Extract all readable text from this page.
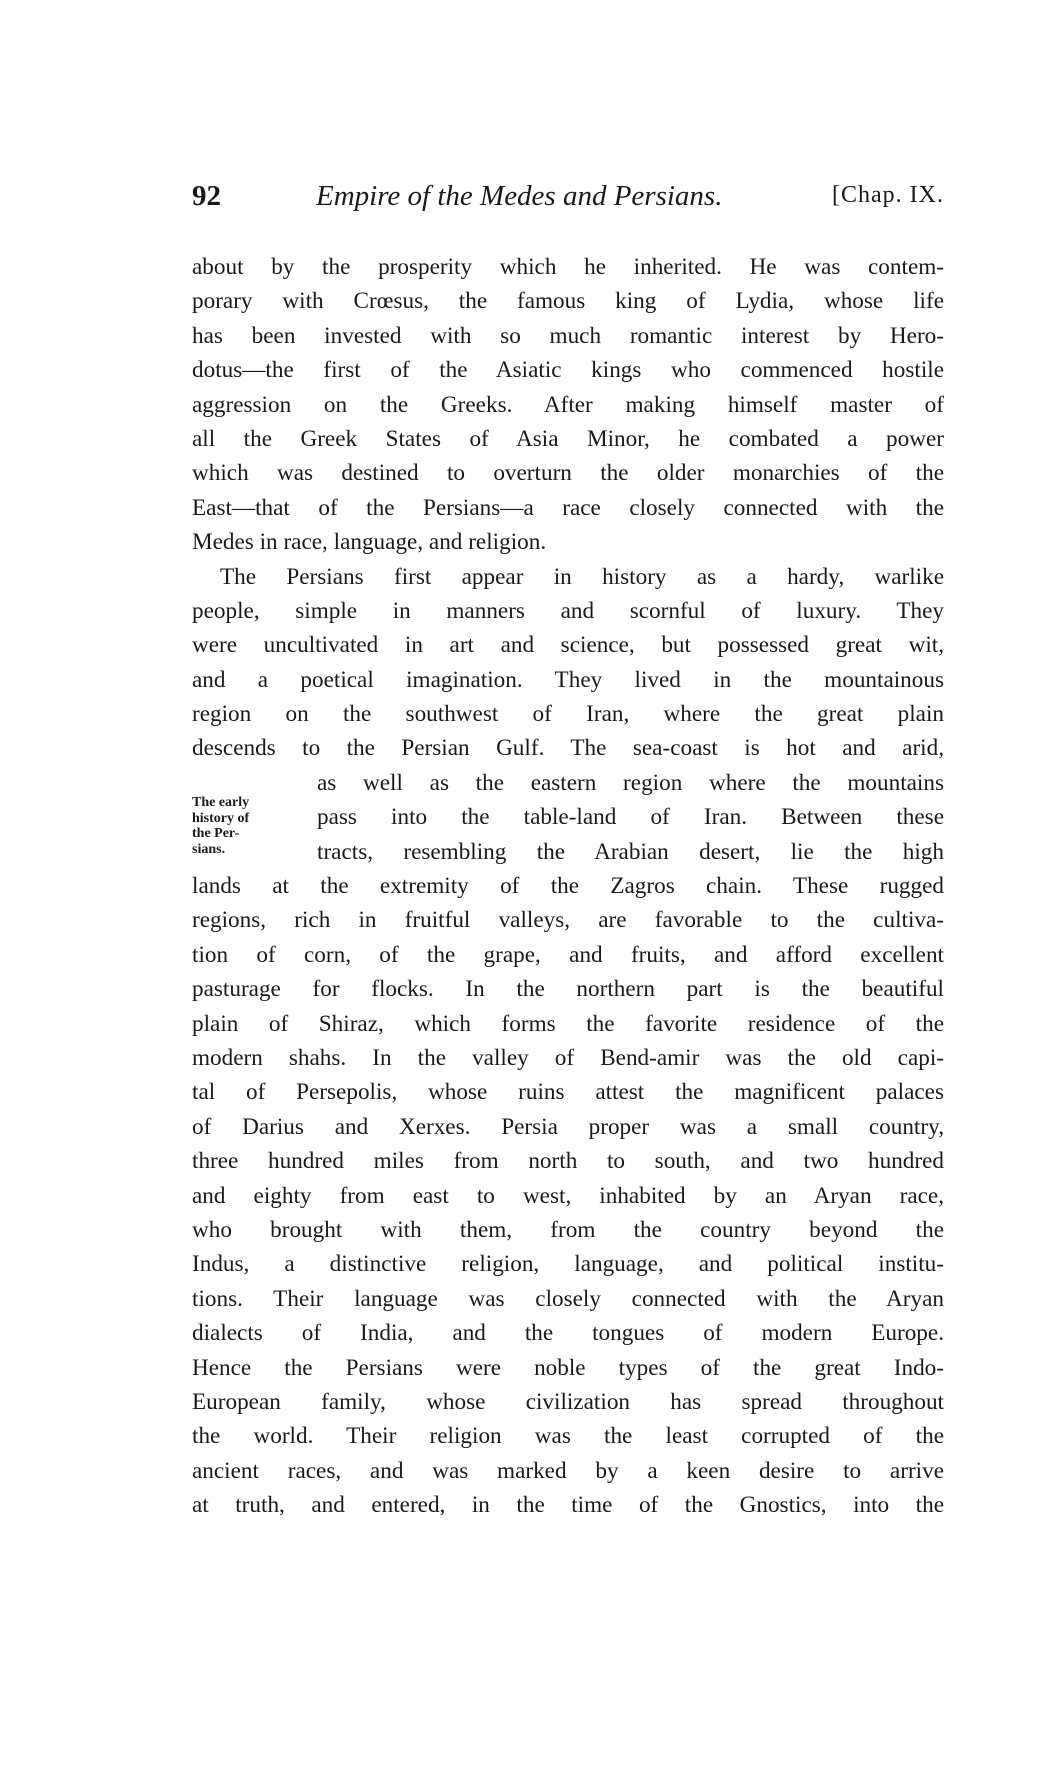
92	Empire of the Medes and Persians.	[Chap. IX.
The early
history of
the Per-
sians.
about by the prosperity which he inherited. He was contem-
porary with Crœsus, the famous king of Lydia, whose life
has been invested with so much romantic interest by Hero-
dotus—the first of the Asiatic kings who commenced hostile
aggression on the Greeks. After making himself master of
all the Greek States of Asia Minor, he combated a power
which was destined to overturn the older monarchies of the
East—that of the Persians—a race closely connected with the
Medes in race, language, and religion.
The Persians first appear in history as a hardy, warlike
people, simple in manners and scornful of luxury. They
were uncultivated in art and science, but possessed great wit,
and a poetical imagination. They lived in the mountainous
region on the southwest of Iran, where the great plain
descends to the Persian Gulf. The sea-coast is hot and arid,
as well as the eastern region where the mountains
pass into the table-land of Iran. Between these
tracts, resembling the Arabian desert, lie the high
lands at the extremity of the Zagros chain. These rugged
regions, rich in fruitful valleys, are favorable to the cultiva-
tion of corn, of the grape, and fruits, and afford excellent
pasturage for flocks. In the northern part is the beautiful
plain of Shiraz, which forms the favorite residence of the
modern shahs. In the valley of Bend-amir was the old capi-
tal of Persepolis, whose ruins attest the magnificent palaces
of Darius and Xerxes. Persia proper was a small country,
three hundred miles from north to south, and two hundred
and eighty from east to west, inhabited by an Aryan race,
who brought with them, from the country beyond the
Indus, a distinctive religion, language, and political institu-
tions. Their language was closely connected with the Aryan
dialects of India, and the tongues of modern Europe.
Hence the Persians were noble types of the great Indo-
European family, whose civilization has spread throughout
the world. Their religion was the least corrupted of the
ancient races, and was marked by a keen desire to arrive
at truth, and entered, in the time of the Gnostics, into the
